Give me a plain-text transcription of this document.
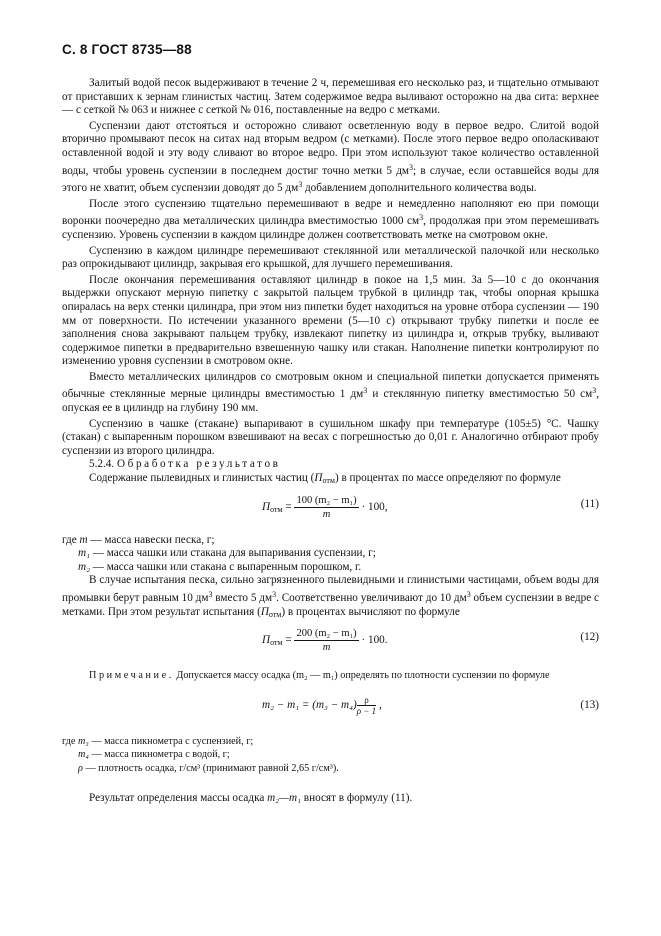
С. 8 ГОСТ 8735—88

Залитый водой песок выдерживают в течение 2 ч, перемешивая его несколько раз, и тщательно отмывают от приставших к зернам глинистых частиц. Затем содержимое ведра выливают осторожно на два сита: верхнее — с сеткой № 063 и нижнее с сеткой № 016, поставленные на ведро с метками.

Суспензии дают отстояться и осторожно сливают осветленную воду в первое ведро. Слитой водой вторично промывают песок на ситах над вторым ведром (с метками). После этого первое ведро ополаскивают оставленной водой и эту воду сливают во второе ведро. При этом используют такое количество оставленной воды, чтобы уровень суспензии в последнем достиг точно метки 5 $дм^3$; в случае, если оставшейся воды для этого не хватит, объем суспензии доводят до 5 $дм^3$ добавлением дополнительного количества воды.

После этого суспензию тщательно перемешивают в ведре и немедленно наполняют ею при помощи воронки поочередно два металлических цилиндра вместимостью 1000 $см^3$, продолжая при этом перемешивать суспензию. Уровень суспензии в каждом цилиндре должен соответствовать метке на смотровом окне.

Суспензию в каждом цилиндре перемешивают стеклянной или металлической палочкой или несколько раз опрокидывают цилиндр, закрывая его крышкой, для лучшего перемешивания.

После окончания перемешивания оставляют цилиндр в покое на 1,5 мин. За 5—10 с до окончания выдержки опускают мерную пипетку с закрытой пальцем трубкой в цилиндр так, чтобы опорная крышка опиралась на верх стенки цилиндра, при этом низ пипетки будет находиться на уровне отбора суспензии — 190 мм от поверхности. По истечении указанного времени (5—10 с) открывают трубку пипетки и после ее заполнения снова закрывают пальцем трубку, извлекают пипетку из цилиндра и, открыв трубку, выливают содержимое пипетки в предварительно взвешенную чашку или стакан. Наполнение пипетки контролируют по изменению уровня суспензии в смотровом окне.

Вместо металлических цилиндров со смотровым окном и специальной пипетки допускается применять обычные стеклянные мерные цилиндры вместимостью 1 $дм^3$ и стеклянную пипетку вместимостью 50 $см^3$, опуская ее в цилиндр на глубину 190 мм.

Суспензию в чашке (стакане) выпаривают в сушильном шкафу при температуре (105±5) °С. Чашку (стакан) с выпаренным порошком взвешивают на весах с погрешностью до 0,01 г. Аналогично отбирают пробу суспензии из второго цилиндра.

5.2.4. Обработка результатов

Содержание пылевидных и глинистых частиц $(П_{отм})$ в процентах по массе определяют по формуле

$П_{отм} = \frac{\text{100 (m₂ − m₁)}}{m} \cdot 100$,	(11)

где m — масса навески песка, г;

m₁ — масса чашки или стакана для выпаривания суспензии, г;

m₂ — масса чашки или стакана с выпаренным порошком, г.

В случае испытания песка, сильно загрязненного пылевидными и глинистыми частицами, объем воды для промывки берут равным 10 $дм^3$ вместо 5 $дм^3$. Соответственно увеличивают до 10 $дм^3$ объем суспензии в ведре с метками. При этом результат испытания $(П_{отм})$ в процентах вычисляют по формуле

$П_{отм} = \frac{\text{200 (m₂ − m₁)}}{m} \cdot 100$.	(12)

Примечание. Допускается массу осадка (m₂ — m₁) определять по плотности суспензии по формуле

$m_2 - m_1 = (m_3 - m_4) \frac{\rho}{\rho - 1}$ ,	(13)

где m₃ — масса пикнометра с суспензией, г;

m₄ — масса пикнометра с водой, г;

ρ — плотность осадка, г/см³ (принимают равной 2,65 г/см³).

Результат определения массы осадка m₂—m₁ вносят в формулу (11).
